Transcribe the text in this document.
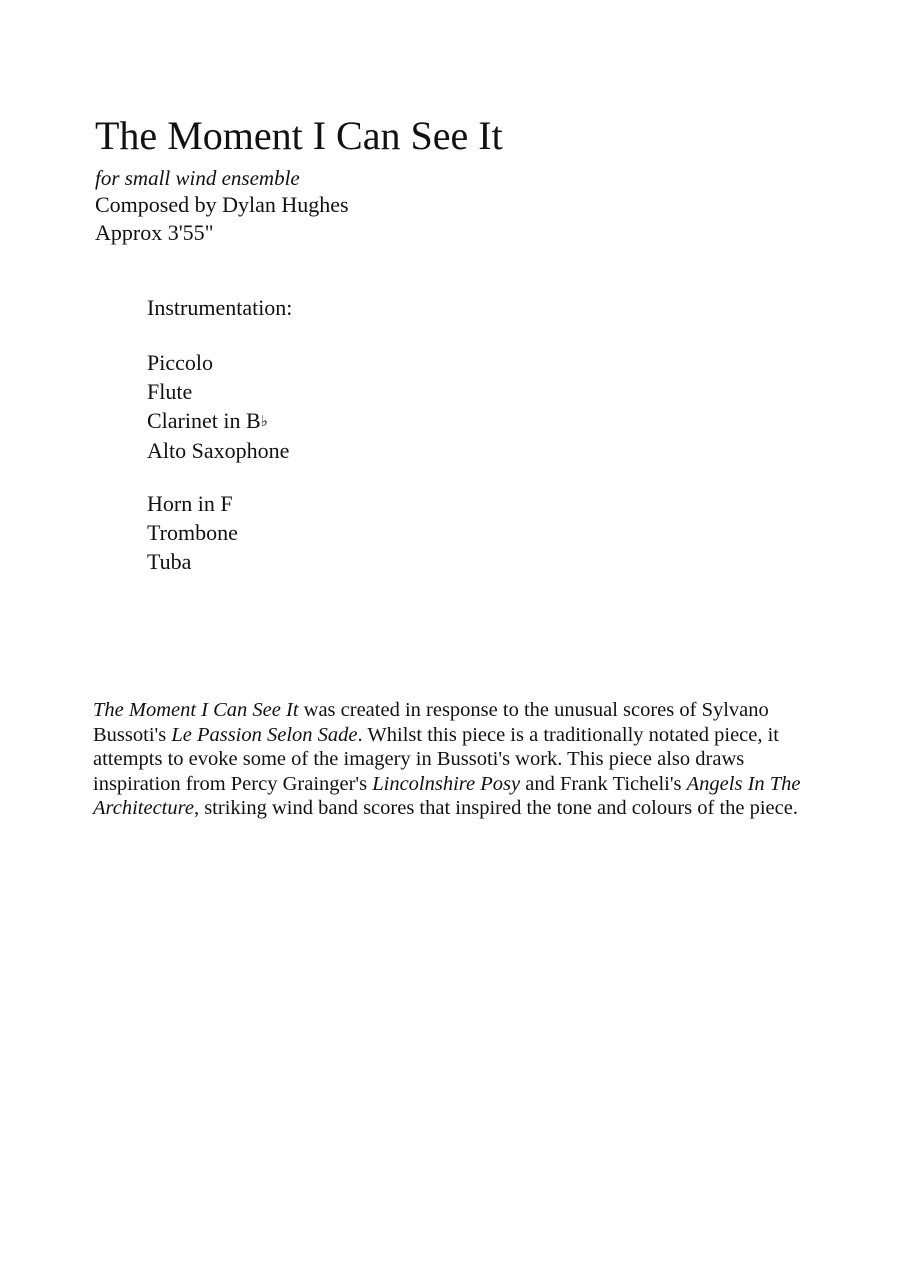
The Moment I Can See It
for small wind ensemble
Composed by Dylan Hughes
Approx 3'55"
Instrumentation:
Piccolo
Flute
Clarinet in B♭
Alto Saxophone
Horn in F
Trombone
Tuba

The Moment I Can See It was created in response to the unusual scores of Sylvano Bussoti's Le Passion Selon Sade. Whilst this piece is a traditionally notated piece, it attempts to evoke some of the imagery in Bussoti's work. This piece also draws inspiration from Percy Grainger's Lincolnshire Posy and Frank Ticheli's Angels In The Architecture, striking wind band scores that inspired the tone and colours of the piece.
